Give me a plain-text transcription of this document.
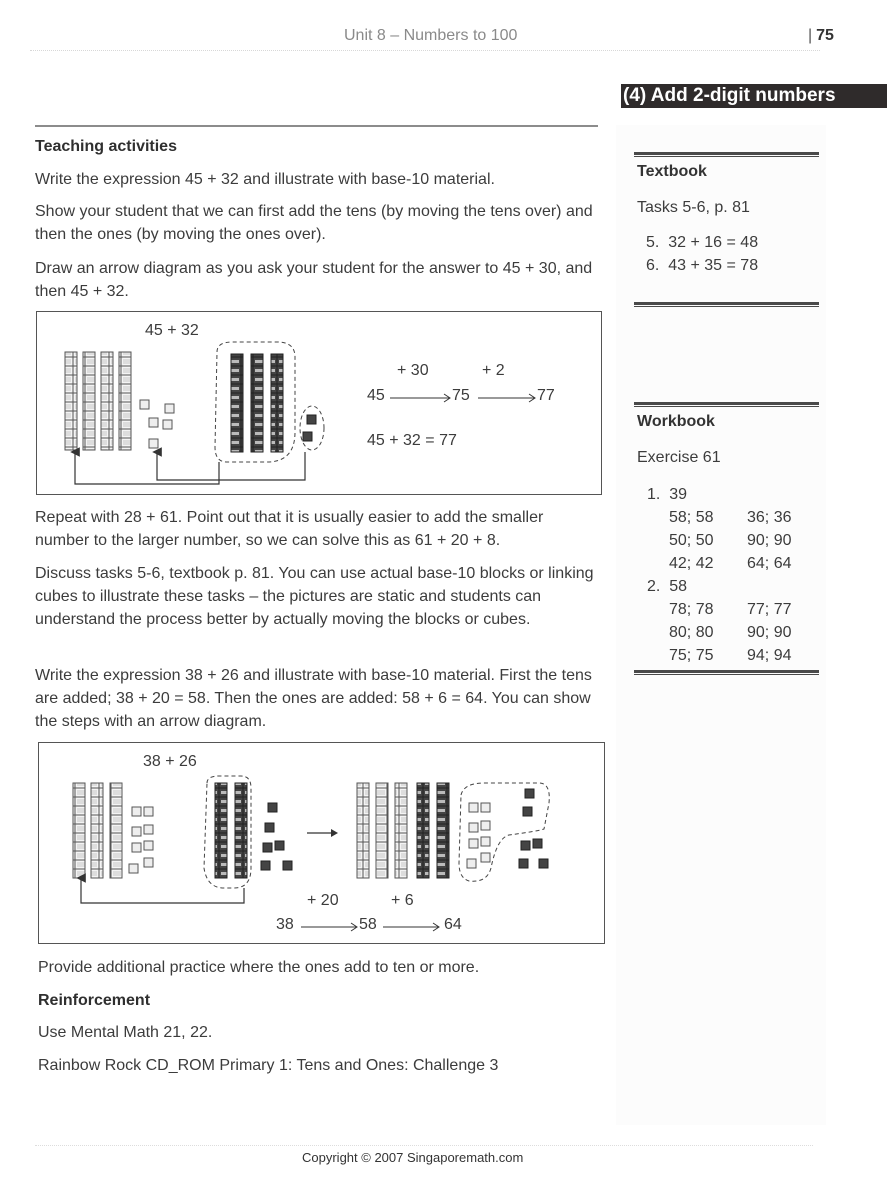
Unit 8 – Numbers to 100	| 75
(4) Add 2-digit numbers
Teaching activities
Write the expression 45 + 32 and illustrate with base-10 material.
Show your student that we can first add the tens (by moving the tens over) and then the ones (by moving the ones over).
Draw an arrow diagram as you ask your student for the answer to 45 + 30, and then 45 + 32.
45 + 32
+ 30	+ 2
45	75	77
45 + 32 = 77
Repeat with 28 + 61. Point out that it is usually easier to add the smaller number to the larger number, so we can solve this as 61 + 20 + 8.
Discuss tasks 5-6, textbook p. 81. You can use actual base-10 blocks or linking cubes to illustrate these tasks – the pictures are static and students can understand the process better by actually moving the blocks or cubes.
Write the expression 38 + 26 and illustrate with base-10 material. First the tens are added; 38 + 20 = 58. Then the ones are added: 58 + 6 = 64. You can show the steps with an arrow diagram.
38 + 26
+ 20	+ 6
38	58	64
Provide additional practice where the ones add to ten or more.
Reinforcement
Use Mental Math 21, 22.
Rainbow Rock CD_ROM Primary 1: Tens and Ones: Challenge 3
Textbook
Tasks 5-6, p. 81
5. 32 + 16 = 48
6. 43 + 35 = 78
Workbook
Exercise 61
1. 39
58; 58 36; 36
50; 50 90; 90
42; 42 64; 64
2. 58
78; 78 77; 77
80; 80 90; 90
75; 75 94; 94
Copyright © 2007 Singaporemath.com
